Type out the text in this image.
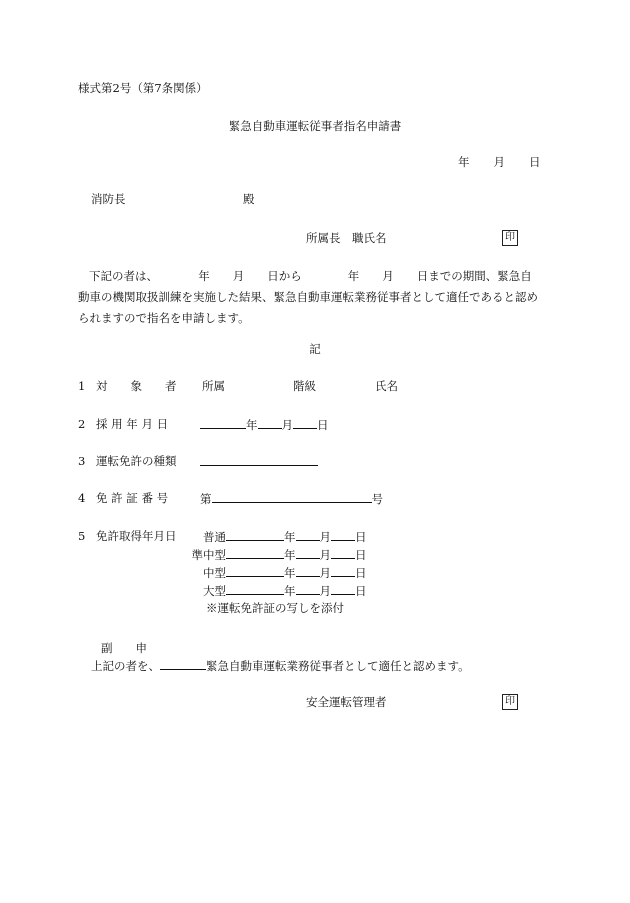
様式第2号（第7条関係）
緊急自動車運転従事者指名申請書
年 月 日
消防長	殿
所属長　職氏名	印
下記の者は、　　　　年　　月　　日から　　　　年　　月　　日までの期間、緊急自
動車の機関取扱訓練を実施した結果、緊急自動車運転業務従事者として適任であると認め
られますので指名を申請します。
記
1 対　　象　　者 所属	階級	氏名
2 採 用 年 月 日	年 月 日
3 運転免許の種類
4 免 許 証 番 号	第	号
5 免許取得年月日	普通	年 月 日
準中型	年 月 日
中型	年 月 日
大型	年 月 日
※運転免許証の写しを添付
副　　申
上記の者を、	緊急自動車運転業務従事者として適任と認めます。
安全運転管理者	印
